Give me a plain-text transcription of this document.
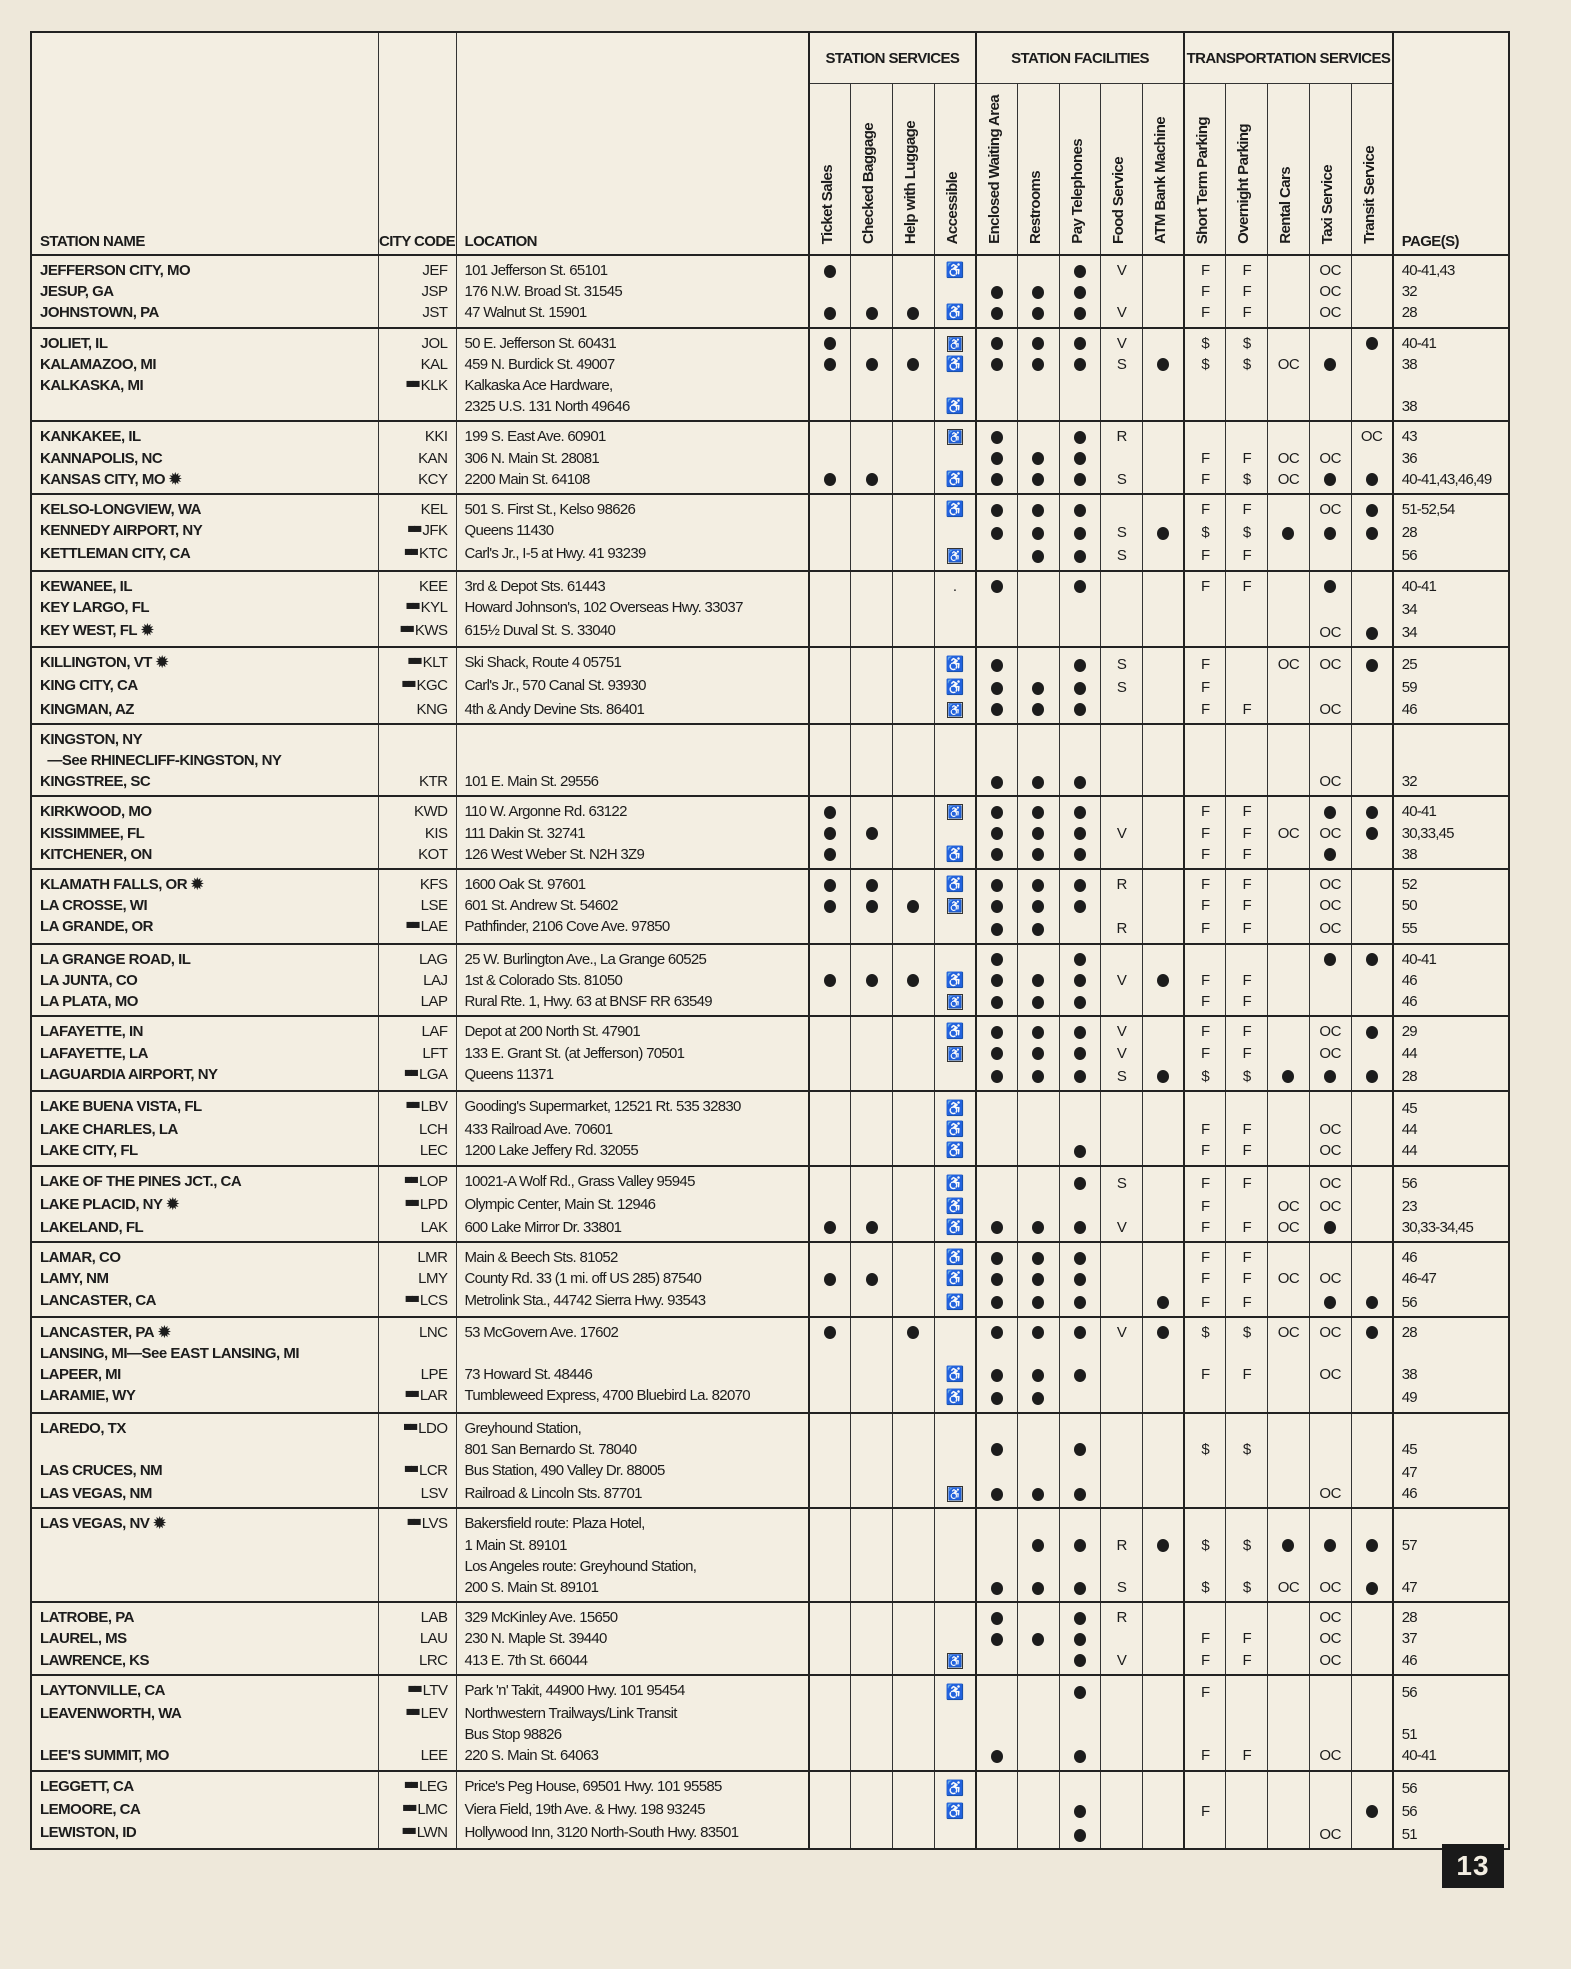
STATION NAME	CITY CODE	LOCATION	STATION SERVICES				STATION FACILITIES					TRANSPORTATION SERVICES					PAGE(S)
			Ticket Sales	Checked Baggage	Help with Luggage	Accessible	Enclosed Waiting Area	Restrooms	Pay Telephones	Food Service	ATM Bank Machine	Short Term Parking	Overnight Parking	Rental Cars	Taxi Service	Transit Service	

JEFFERSON CITY, MO	JEF	101 Jefferson St. 65101				♿				V		F	F		OC		40-41,43

JESUP, GA	JSP	176 N.W. Broad St. 31545										F	F		OC		32

JOHNSTOWN, PA	JST	47 Walnut St. 15901				♿				V		F	F		OC		28

JOLIET, IL	JOL	50 E. Jefferson St. 60431				♿				V		$	$				40-41

KALAMAZOO, MI	KAL	459 N. Burdick St. 49007				♿				S		$	$	OC			38

KALKASKA, MI	▀▀ KLK	Kalkaska Ace Hardware,
2325 U.S. 131 North 49646				♿											38

KANKAKEE, IL	KKI	199 S. East Ave. 60901				♿				R						OC	43

KANNAPOLIS, NC	KAN	306 N. Main St. 28081										F	F	OC	OC		36

KANSAS CITY, MO ✹	KCY	2200 Main St. 64108				♿				S		F	$	OC			40-41,43,46,49

KELSO-LONGVIEW, WA	KEL	501 S. First St., Kelso 98626				♿						F	F		OC		51-52,54

KENNEDY AIRPORT, NY	▀▀ JFK	Queens 11430								S		$	$				28

KETTLEMAN CITY, CA	▀▀ KTC	Carl's Jr., I-5 at Hwy. 41 93239				♿				S		F	F				56

KEWANEE, IL	KEE	3rd & Depot Sts. 61443				.						F	F				40-41

KEY LARGO, FL	▀▀ KYL	Howard Johnson's, 102 Overseas Hwy. 33037															34

KEY WEST, FL ✹	▀▀ KWS	615½ Duval St. S. 33040													OC		34

KILLINGTON, VT ✹	▀▀ KLT	Ski Shack, Route 4 05751				♿				S		F		OC	OC		25

KING CITY, CA	▀▀ KGC	Carl's Jr., 570 Canal St. 93930				♿				S		F					59

KINGMAN, AZ	KNG	4th & Andy Devine Sts. 86401				♿						F	F		OC		46

KINGSTON, NY
—See RHINECLIFF-KINGSTON, NY																	

KINGSTREE, SC	KTR	101 E. Main St. 29556													OC		32

KIRKWOOD, MO	KWD	110 W. Argonne Rd. 63122				♿						F	F				40-41

KISSIMMEE, FL	KIS	111 Dakin St. 32741								V		F	F	OC	OC		30,33,45

KITCHENER, ON	KOT	126 West Weber St. N2H 3Z9				♿						F	F				38

KLAMATH FALLS, OR ✹	KFS	1600 Oak St. 97601				♿				R		F	F		OC		52

LA CROSSE, WI	LSE	601 St. Andrew St. 54602				♿						F	F		OC		50

LA GRANDE, OR	▀▀ LAE	Pathfinder, 2106 Cove Ave. 97850								R		F	F		OC		55

LA GRANGE ROAD, IL	LAG	25 W. Burlington Ave., La Grange 60525															40-41

LA JUNTA, CO	LAJ	1st & Colorado Sts. 81050				♿				V		F	F				46

LA PLATA, MO	LAP	Rural Rte. 1, Hwy. 63 at BNSF RR 63549				♿						F	F				46

LAFAYETTE, IN	LAF	Depot at 200 North St. 47901				♿				V		F	F		OC		29

LAFAYETTE, LA	LFT	133 E. Grant St. (at Jefferson) 70501				♿				V		F	F		OC		44

LAGUARDIA AIRPORT, NY	▀▀ LGA	Queens 11371								S		$	$				28

LAKE BUENA VISTA, FL	▀▀ LBV	Gooding's Supermarket, 12521 Rt. 535 32830				♿											45

LAKE CHARLES, LA	LCH	433 Railroad Ave. 70601				♿						F	F		OC		44

LAKE CITY, FL	LEC	1200 Lake Jeffery Rd. 32055				♿						F	F		OC		44

LAKE OF THE PINES JCT., CA	▀▀ LOP	10021-A Wolf Rd., Grass Valley 95945				♿				S		F	F		OC		56

LAKE PLACID, NY ✹	▀▀ LPD	Olympic Center, Main St. 12946				♿						F		OC	OC		23

LAKELAND, FL	LAK	600 Lake Mirror Dr. 33801				♿				V		F	F	OC			30,33-34,45

LAMAR, CO	LMR	Main & Beech Sts. 81052				♿						F	F				46

LAMY, NM	LMY	County Rd. 33 (1 mi. off US 285) 87540				♿						F	F	OC	OC		46-47

LANCASTER, CA	▀▀ LCS	Metrolink Sta., 44742 Sierra Hwy. 93543				♿						F	F				56

LANCASTER, PA ✹	LNC	53 McGovern Ave. 17602								V		$	$	OC	OC		28

LANSING, MI—See EAST LANSING, MI																	

LAPEER, MI	LPE	73 Howard St. 48446				♿						F	F		OC		38

LARAMIE, WY	▀▀ LAR	Tumbleweed Express, 4700 Bluebird La. 82070				♿											49

LAREDO, TX	▀▀ LDO	Greyhound Station,
801 San Bernardo St. 78040										$	$				45

LAS CRUCES, NM	▀▀ LCR	Bus Station, 490 Valley Dr. 88005															47

LAS VEGAS, NM	LSV	Railroad & Lincoln Sts. 87701				♿									OC		46

LAS VEGAS, NV ✹	▀▀ LVS	Bakersfield route: Plaza Hotel,
1 Main St. 89101								R		$	$				57

		Los Angeles route: Greyhound Station,
200 S. Main St. 89101								S		$	$	OC	OC		47

LATROBE, PA	LAB	329 McKinley Ave. 15650								R					OC		28

LAUREL, MS	LAU	230 N. Maple St. 39440										F	F		OC		37

LAWRENCE, KS	LRC	413 E. 7th St. 66044				♿				V		F	F		OC		46

LAYTONVILLE, CA	▀▀ LTV	Park 'n' Takit, 44900 Hwy. 101 95454				♿						F					56

LEAVENWORTH, WA	▀▀ LEV	Northwestern Trailways/Link Transit
Bus Stop 98826															51

LEE'S SUMMIT, MO	LEE	220 S. Main St. 64063										F	F		OC		40-41

LEGGETT, CA	▀▀ LEG	Price's Peg House, 69501 Hwy. 101 95585				♿											56

LEMOORE, CA	▀▀ LMC	Viera Field, 19th Ave. & Hwy. 198 93245				♿						F					56

LEWISTON, ID	▀▀ LWN	Hollywood Inn, 3120 North-South Hwy. 83501													OC		51
13
